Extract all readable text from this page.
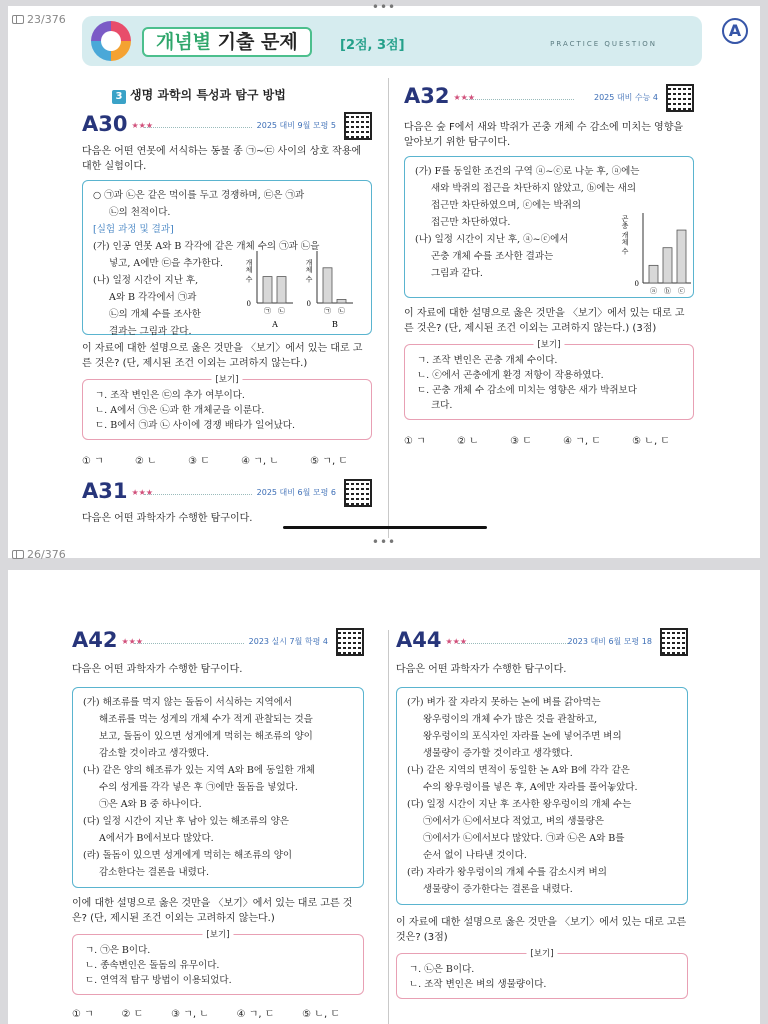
개념별 기출 문제	[2점, 3점]	PRACTICE QUESTION
A
3 생명 과학의 특성과 탐구 방법
A30 ★★★	2025 대비 9월 모평 5
다음은 어떤 연못에 서식하는 동물 종 ㉠~㉢ 사이의 상호 작용에 대한 실험이다.
○ ㉠과 ㉡은 같은 먹이를 두고 경쟁하며, ㉢은 ㉠과
㉡의 천적이다.
[실험 과정 및 결과]
(가) 인공 연못 A와 B 각각에 같은 개체 수의 ㉠과 ㉡을
넣고, A에만 ㉢을 추가한다.
(나) 일정 시간이 지난 후,
A와 B 각각에서 ㉠과
㉡의 개체 수를 조사한
결과는 그림과 같다.
0
개체 수
㉠ ㉡
A
0
개체 수
㉠ ㉡
B
이 자료에 대한 설명으로 옳은 것만을 〈보기〉에서 있는 대로 고른 것은? (단, 제시된 조건 이외는 고려하지 않는다.)
[보기]
ㄱ. 조작 변인은 ㉢의 추가 여부이다.
ㄴ. A에서 ㉠은 ㉡과 한 개체군을 이룬다.
ㄷ. B에서 ㉠과 ㉡ 사이에 경쟁 배타가 일어났다.
① ㄱ	② ㄴ	③ ㄷ	④ ㄱ, ㄴ	⑤ ㄱ, ㄷ
A31 ★★★	2025 대비 6월 모평 6
다음은 어떤 과학자가 수행한 탐구이다.
A32 ★★★	2025 대비 수능 4
다음은 숲 F에서 새와 박쥐가 곤충 개체 수 감소에 미치는 영향을 알아보기 위한 탐구이다.
(가) F를 동일한 조건의 구역 ⓐ~ⓒ로 나눈 후, ⓐ에는
새와 박쥐의 접근을 차단하지 않았고, ⓑ에는 새의
접근만 차단하였으며, ⓒ에는 박쥐의
접근만 차단하였다.
(나) 일정 시간이 지난 후, ⓐ~ⓒ에서
곤충 개체 수를 조사한 결과는
그림과 같다.
0
곤충 개체 수
ⓐ ⓑ ⓒ
이 자료에 대한 설명으로 옳은 것만을 〈보기〉에서 있는 대로 고른 것은? (단, 제시된 조건 이외는 고려하지 않는다.) (3점)
[보기]
ㄱ. 조작 변인은 곤충 개체 수이다.
ㄴ. ⓒ에서 곤충에게 환경 저항이 작용하였다.
ㄷ. 곤충 개체 수 감소에 미치는 영향은 새가 박쥐보다
크다.
① ㄱ	② ㄴ	③ ㄷ	④ ㄱ, ㄷ	⑤ ㄴ, ㄷ
•••
23/376
•••
26/376
A42 ★★★	2023 실시 7월 학평 4
다음은 어떤 과학자가 수행한 탐구이다.
(가) 해조류를 먹지 않는 돌돔이 서식하는 지역에서
해조류를 먹는 성게의 개체 수가 적게 관찰되는 것을
보고, 돌돔이 있으면 성게에게 먹히는 해조류의 양이
감소할 것이라고 생각했다.
(나) 같은 양의 해조류가 있는 지역 A와 B에 동일한 개체
수의 성게를 각각 넣은 후 ㉠에만 돌돔을 넣었다.
㉠은 A와 B 중 하나이다.
(다) 일정 시간이 지난 후 남아 있는 해조류의 양은
A에서가 B에서보다 많았다.
(라) 돌돔이 있으면 성게에게 먹히는 해조류의 양이
감소한다는 결론을 내렸다.
이에 대한 설명으로 옳은 것만을 〈보기〉에서 있는 대로 고른 것은? (단, 제시된 조건 이외는 고려하지 않는다.)
[보기]
ㄱ. ㉠은 B이다.
ㄴ. 종속변인은 돌돔의 유무이다.
ㄷ. 연역적 탐구 방법이 이용되었다.
① ㄱ	② ㄷ	③ ㄱ, ㄴ	④ ㄱ, ㄷ	⑤ ㄴ, ㄷ
A44 ★★★	2023 대비 6월 모평 18
다음은 어떤 과학자가 수행한 탐구이다.
(가) 벼가 잘 자라지 못하는 논에 벼를 갉아먹는
왕우렁이의 개체 수가 많은 것을 관찰하고,
왕우렁이의 포식자인 자라를 논에 넣어주면 벼의
생물량이 증가할 것이라고 생각했다.
(나) 같은 지역의 면적이 동일한 논 A와 B에 각각 같은
수의 왕우렁이를 넣은 후, A에만 자라를 풀어놓았다.
(다) 일정 시간이 지난 후 조사한 왕우렁이의 개체 수는
㉠에서가 ㉡에서보다 적었고, 벼의 생물량은
㉠에서가 ㉡에서보다 많았다. ㉠과 ㉡은 A와 B를
순서 없이 나타낸 것이다.
(라) 자라가 왕우렁이의 개체 수를 감소시켜 벼의
생물량이 증가한다는 결론을 내렸다.
이 자료에 대한 설명으로 옳은 것만을 〈보기〉에서 있는 대로 고른 것은? (3점)
[보기]
ㄱ. ㉡은 B이다.
ㄴ. 조작 변인은 벼의 생물량이다.
